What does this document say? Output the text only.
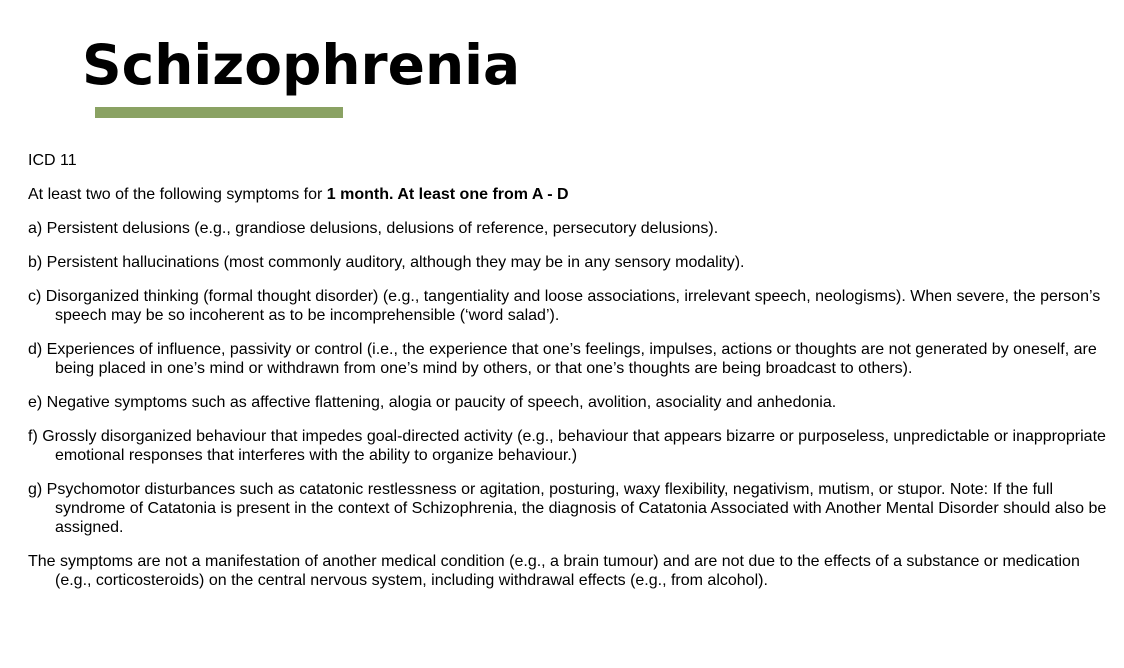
Schizophrenia

ICD 11

At least two of the following symptoms for 1 month. At least one from A - D

a) Persistent delusions (e.g., grandiose delusions, delusions of reference, persecutory delusions).

b) Persistent hallucinations (most commonly auditory, although they may be in any sensory modality).

c) Disorganized thinking (formal thought disorder) (e.g., tangentiality and loose associations, irrelevant speech, neologisms). When severe, the person’s speech may be so incoherent as to be incomprehensible (‘word salad’).

d) Experiences of influence, passivity or control (i.e., the experience that one’s feelings, impulses, actions or thoughts are not generated by oneself, are being placed in one’s mind or withdrawn from one’s mind by others, or that one’s thoughts are being broadcast to others).

e) Negative symptoms such as affective flattening, alogia or paucity of speech, avolition, asociality and anhedonia.

f) Grossly disorganized behaviour that impedes goal-directed activity (e.g., behaviour that appears bizarre or purposeless, unpredictable or inappropriate emotional responses that interferes with the ability to organize behaviour.)

g) Psychomotor disturbances such as catatonic restlessness or agitation, posturing, waxy flexibility, negativism, mutism, or stupor. Note: If the full syndrome of Catatonia is present in the context of Schizophrenia, the diagnosis of Catatonia Associated with Another Mental Disorder should also be assigned.

The symptoms are not a manifestation of another medical condition (e.g., a brain tumour) and are not due to the effects of a substance or medication (e.g., corticosteroids) on the central nervous system, including withdrawal effects (e.g., from alcohol).
